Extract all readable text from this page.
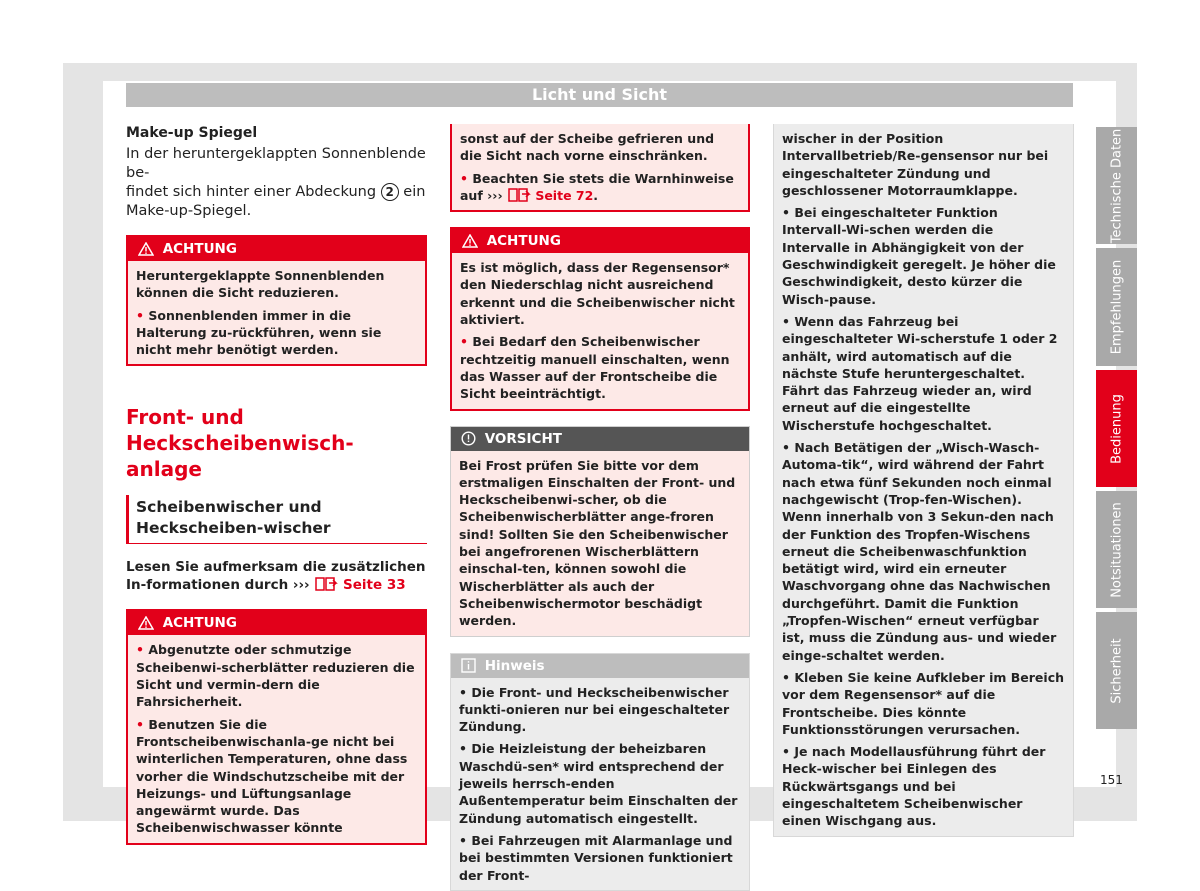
Licht und Sicht

Make-up Spiegel

In der heruntergeklappten Sonnenblende be-
findet sich hinter einer Abdeckung 2 ein
Make-up-Spiegel.

ACHTUNG

Heruntergeklappte Sonnenblenden können die Sicht reduzieren.

• Sonnenblenden immer in die Halterung zu-rückführen, wenn sie nicht mehr benötigt werden.

Front- und Heckscheibenwisch-anlage

Scheibenwischer und Heckscheiben-wischer

Lesen Sie aufmerksam die zusätzlichen In-formationen durch ››› Seite 33

ACHTUNG

• Abgenutzte oder schmutzige Scheibenwi-scherblätter reduzieren die Sicht und vermin-dern die Fahrsicherheit.

• Benutzen Sie die Frontscheibenwischanla-ge nicht bei winterlichen Temperaturen, ohne dass vorher die Windschutzscheibe mit der Heizungs- und Lüftungsanlage angewärmt wurde. Das Scheibenwischwasser könnte

sonst auf der Scheibe gefrieren und die Sicht nach vorne einschränken.

• Beachten Sie stets die Warnhinweise auf ›››	Seite 72.

ACHTUNG

Es ist möglich, dass der Regensensor* den Niederschlag nicht ausreichend erkennt und die Scheibenwischer nicht aktiviert.

• Bei Bedarf den Scheibenwischer rechtzeitig manuell einschalten, wenn das Wasser auf der Frontscheibe die Sicht beeinträchtigt.

VORSICHT

Bei Frost prüfen Sie bitte vor dem erstmaligen Einschalten der Front- und Heckscheibenwi-scher, ob die Scheibenwischerblätter ange-froren sind! Sollten Sie den Scheibenwischer bei angefrorenen Wischerblättern einschal-ten, können sowohl die Wischerblätter als auch der Scheibenwischermotor beschädigt werden.

Hinweis

• Die Front- und Heckscheibenwischer funkti-onieren nur bei eingeschalteter Zündung.

• Die Heizleistung der beheizbaren Waschdü-sen* wird entsprechend der jeweils herrsch-enden Außentemperatur beim Einschalten der Zündung automatisch eingestellt.

• Bei Fahrzeugen mit Alarmanlage und bei bestimmten Versionen funktioniert der Front-

wischer in der Position Intervallbetrieb/Re-gensensor nur bei eingeschalteter Zündung und geschlossener Motorraumklappe.

• Bei eingeschalteter Funktion Intervall-Wi-schen werden die Intervalle in Abhängigkeit von der Geschwindigkeit geregelt. Je höher die Geschwindigkeit, desto kürzer die Wisch-pause.

• Wenn das Fahrzeug bei eingeschalteter Wi-scherstufe 1 oder 2 anhält, wird automatisch auf die nächste Stufe heruntergeschaltet. Fährt das Fahrzeug wieder an, wird erneut auf die eingestellte Wischerstufe hochgeschaltet.

• Nach Betätigen der „Wisch-Wasch-Automa-tik“, wird während der Fahrt nach etwa fünf Sekunden noch einmal nachgewischt (Trop-fen-Wischen). Wenn innerhalb von 3 Sekun-den nach der Funktion des Tropfen-Wischens erneut die Scheibenwaschfunktion betätigt wird, wird ein erneuter Waschvorgang ohne das Nachwischen durchgeführt. Damit die Funktion „Tropfen-Wischen“ erneut verfügbar ist, muss die Zündung aus- und wieder einge-schaltet werden.

• Kleben Sie keine Aufkleber im Bereich vor dem Regensensor* auf die Frontscheibe. Dies könnte Funktionsstörungen verursachen.

• Je nach Modellausführung führt der Heck-wischer bei Einlegen des Rückwärtsgangs und bei eingeschaltetem Scheibenwischer einen Wischgang aus.

Technische Daten
Empfehlungen
Bedienung
Notsituationen
Sicherheit
151
